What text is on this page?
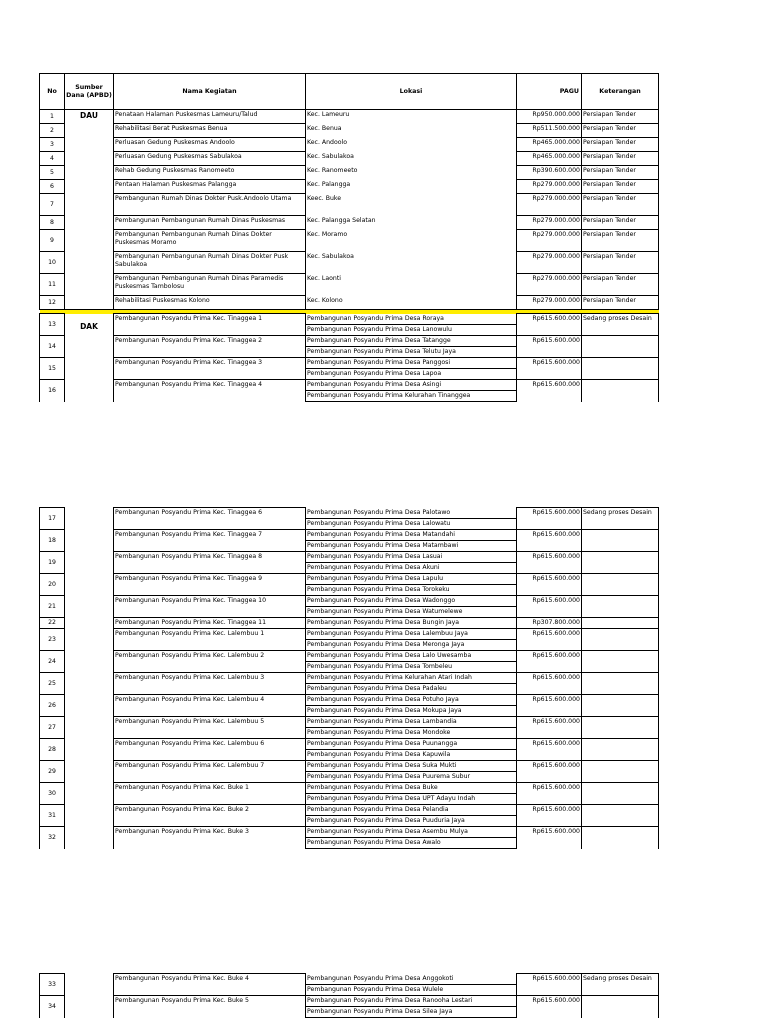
No	Sumber Dana (APBD)	Nama Kegiatan	Lokasi	PAGU	Keterangan
1	DAU	Penataan Halaman Puskesmas Lameuru/Talud	Kec. Lameuru	Rp950.000.000	Persiapan Tender
2		Rehabilitasi Berat Puskesmas Benua	Kec. Benua	Rp511.500.000	Persiapan Tender
3		Perluasan Gedung Puskesmas Andoolo	Kec. Andoolo	Rp465.000.000	Persiapan Tender
4		Perluasan Gedung Puskesmas Sabulakoa	Kec. Sabulakoa	Rp465.000.000	Persiapan Tender
5		Rehab Gedung Puskesmas Ranomeeto	Kec. Ranomeeto	Rp390.600.000	Persiapan Tender
6		Pentaan Halaman Puskesmas Palangga	Kec. Palangga	Rp279.000.000	Persiapan Tender
7		Pembangunan Rumah Dinas Dokter Pusk.Andoolo Utama	Keec. Buke	Rp279.000.000	Persiapan Tender
8		Pembangunan Pembangunan Rumah Dinas Puskesmas	Kec. Palangga Selatan	Rp279.000.000	Persiapan Tender
9		Pembangunan Pembangunan Rumah Dinas Dokter Puskesmas Moramo	Kec. Moramo	Rp279.000.000	Persiapan Tender
10		Pembangunan Pembangunan Rumah Dinas Dokter Pusk Sabulakoa	Kec. Sabulakoa	Rp279.000.000	Persiapan Tender
11		Pembangunan Pembangunan Rumah Dinas Paramedis Puskesmas Tambolosu	Kec. Laonti	Rp279.000.000	Persiapan Tender
12		Rehabilitasi Puskesmas Kolono	Kec. Kolono	Rp279.000.000	Persiapan Tender

13	DAK	Pembangunan Posyandu Prima Kec. Tinaggea 1	Pembangunan Posyandu Prima Desa Roraya	Rp615.600.000	Sedang proses Desain
			Pembangunan Posyandu Prima Desa Lanowulu		
14		Pembangunan Posyandu Prima Kec. Tinaggea 2	Pembangunan Posyandu Prima Desa Tatangge	Rp615.600.000	
			Pembangunan Posyandu Prima Desa Telutu Jaya		
15		Pembangunan Posyandu Prima Kec. Tinaggea 3	Pembangunan Posyandu Prima Desa Panggosi	Rp615.600.000	
			Pembangunan Posyandu Prima Desa Lapoa		
16		Pembangunan Posyandu Prima Kec. Tinaggea 4	Pembangunan Posyandu Prima Desa Asingi	Rp615.600.000	
			Pembangunan Posyandu Prima Kelurahan Tinanggea		
17		Pembangunan Posyandu Prima Kec. Tinaggea 6	Pembangunan Posyandu Prima Desa Palotawo	Rp615.600.000	Sedang proses Desain
			Pembangunan Posyandu Prima Desa Lalowatu		
18		Pembangunan Posyandu Prima Kec. Tinaggea 7	Pembangunan Posyandu Prima Desa Matandahi	Rp615.600.000	
			Pembangunan Posyandu Prima Desa Matambawi		
19		Pembangunan Posyandu Prima Kec. Tinaggea 8	Pembangunan Posyandu Prima Desa Lasuai	Rp615.600.000	
			Pembangunan Posyandu Prima Desa Akuni		
20		Pembangunan Posyandu Prima Kec. Tinaggea 9	Pembangunan Posyandu Prima Desa Lapulu	Rp615.600.000	
			Pembangunan Posyandu Prima Desa Torokeku		
21		Pembangunan Posyandu Prima Kec. Tinaggea 10	Pembangunan Posyandu Prima Desa Wadonggo	Rp615.600.000	
			Pembangunan Posyandu Prima Desa Watumelewe		
22		Pembangunan Posyandu Prima Kec. Tinaggea 11	Pembangunan Posyandu Prima Desa Bungin Jaya	Rp307.800.000	
23		Pembangunan Posyandu Prima Kec. Lalembuu 1	Pembangunan Posyandu Prima Desa Lalembuu Jaya	Rp615.600.000	
			Pembangunan Posyandu Prima Desa Meronga Jaya		
24		Pembangunan Posyandu Prima Kec. Lalembuu 2	Pembangunan Posyandu Prima Desa Lalo Uwesamba	Rp615.600.000	
			Pembangunan Posyandu Prima Desa Tombeleu		
25		Pembangunan Posyandu Prima Kec. Lalembuu 3	Pembangunan Posyandu Prima Kelurahan Atari Indah	Rp615.600.000	
			Pembangunan Posyandu Prima Desa Padaleu		
26		Pembangunan Posyandu Prima Kec. Lalembuu 4	Pembangunan Posyandu Prima Desa Potuho Jaya	Rp615.600.000	
			Pembangunan Posyandu Prima Desa Mokupa Jaya		
27		Pembangunan Posyandu Prima Kec. Lalembuu 5	Pembangunan Posyandu Prima Desa Lambandia	Rp615.600.000	
			Pembangunan Posyandu Prima Desa Mondoke		
28		Pembangunan Posyandu Prima Kec. Lalembuu 6	Pembangunan Posyandu Prima Desa Puunangga	Rp615.600.000	
			Pembangunan Posyandu Prima Desa Kapuwila		
29		Pembangunan Posyandu Prima Kec. Lalembuu 7	Pembangunan Posyandu Prima Desa Suka Mukti	Rp615.600.000	
			Pembangunan Posyandu Prima Desa Puurema Subur		
30		Pembangunan Posyandu Prima Kec. Buke 1	Pembangunan Posyandu Prima Desa Buke	Rp615.600.000	
			Pembangunan Posyandu Prima Desa UPT Adayu Indah		
31		Pembangunan Posyandu Prima Kec. Buke 2	Pembangunan Posyandu Prima Desa Pelandia	Rp615.600.000	
			Pembangunan Posyandu Prima Desa Puuduria Jaya		
32		Pembangunan Posyandu Prima Kec. Buke 3	Pembangunan Posyandu Prima Desa Asembu Mulya	Rp615.600.000	
			Pembangunan Posyandu Prima Desa Awalo		
33		Pembangunan Posyandu Prima Kec. Buke 4	Pembangunan Posyandu Prima Desa Anggokoti	Rp615.600.000	Sedang proses Desain
			Pembangunan Posyandu Prima Desa Wulele		
34		Pembangunan Posyandu Prima Kec. Buke 5	Pembangunan Posyandu Prima Desa Ranooha Lestari	Rp615.600.000	
			Pembangunan Posyandu Prima Desa Silea Jaya		
